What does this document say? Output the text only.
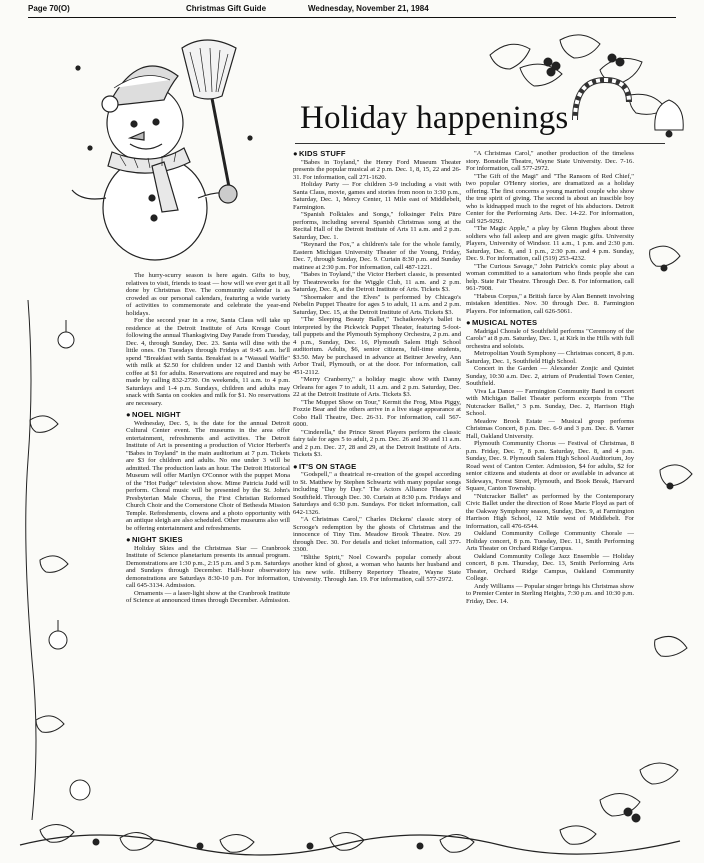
Page 70(O)	Christmas Gift Guide	Wednesday, November 21, 1984
Holiday happenings

The hurry-scurry season is here again. Gifts to buy, relatives to visit, friends to toast — how will we ever get it all done by Christmas Eve. The community calendar is as crowded as our personal calendars, featuring a wide variety of activities to commemorate and celebrate the year-end holidays.

For the second year in a row, Santa Claus will take up residence at the Detroit Institute of Arts Kresge Court following the annual Thanksgiving Day Parade from Tuesday, Dec. 4, through Sunday, Dec. 23. Santa will dine with the little ones. On Tuesdays through Fridays at 9:45 a.m. he'll spend "Breakfast with Santa. Breakfast is a "Wassail Waffle" with milk at $2.50 for children under 12 and Danish with coffee at $1 for adults. Reservations are required and may be made by calling 832-2730. On weekends, 11 a.m. to 4 p.m. Saturdays and 1-4 p.m. Sundays, children and adults may snack with Santa on cookies and milk for $1. No reservations are necessary.

●NOEL NIGHT

Wednesday, Dec. 5, is the date for the annual Detroit Cultural Center event. The museums in the area offer entertainment, refreshments and activities. The Detroit Institute of Art is presenting a production of Victor Herbert's "Babes in Toyland" in the main auditorium at 7 p.m. Tickets are $3 for children and adults. No one under 3 will be admitted. The production lasts an hour. The Detroit Historical Museum will offer Marilyn O'Connor with the puppet Mona of the "Hot Fudge" television show. Mime Patricia Judd will perform. Choral music will be presented by the St. John's Presbyterian Male Chorus, the First Christian Reformed Church Choir and the Cornerstone Choir of Bethesda Mission Temple. Refreshments, clowns and a photo opportunity with an antique sleigh are also scheduled. Other museums also will be offering entertainment and refreshments.

●NIGHT SKIES

Holiday Skies and the Christmas Star — Cranbrook Institute of Science planetarium presents its annual program. Demonstrations are 1:30 p.m., 2:15 p.m. and 3 p.m. Saturdays and Sundays through December. Half-hour observatory demonstrations are Saturdays 8:30-10 p.m. For information, call 645-3134. Admission.

Ornaments — a laser-light show at the Cranbrook Institute of Science at announced times through December. Admission.

●KIDS STUFF

"Babes in Toyland," the Henry Ford Museum Theater presents the popular musical at 2 p.m. Dec. 1, 8, 15, 22 and 26-31. For information, call 271-1620.

Holiday Party — For children 3-9 including a visit with Santa Claus, movie, games and stories from noon to 3:30 p.m., Saturday, Dec. 1, Mercy Center, 11 Mile east of Middlebelt, Farmington.

"Spanish Folktales and Songs," folksinger Felix Pitre performs, including several Spanish Christmas song at the Recital Hall of the Detroit Institute of Arts 11 a.m. and 2 p.m. Saturday, Dec. 1.

"Reynard the Fox," a children's tale for the whole family, Eastern Michigan University Theater of the Young, Friday, Dec. 7, through Sunday, Dec. 9. Curtain 8:30 p.m. and Sunday matinee at 2:30 p.m. For information, call 487-1221.

"Babes in Toyland," the Victor Herbert classic, is presented by Theatreworks for the Wiggle Club, 11 a.m. and 2 p.m. Saturday, Dec. 8, at the Detroit Institute of Arts. Tickets $3.

"Shoemaker and the Elves" is performed by Chicago's Nebelin Puppet Theatre for ages 5 to adult, 11 a.m. and 2 p.m. Saturday, Dec. 15, at the Detroit Institute of Arts. Tickets $3.

"The Sleeping Beauty Ballet," Tschaikovsky's ballet is interpreted by the Pickwick Puppet Theater, featuring 5-foot-tall puppets and the Plymouth Symphony Orchestra, 2 p.m. and 4 p.m., Sunday, Dec. 16, Plymouth Salem High School auditorium. Adults, $6, senior citizens, full-time students, $3.50. May be purchased in advance at Beitner Jewelry, Ann Arbor Trail, Plymouth, or at the door. For information, call 451-2112.

"Merry Cranberry," a holiday magic show with Danny Orleans for ages 7 to adult, 11 a.m. and 2 p.m. Saturday, Dec. 22 at the Detroit Institute of Arts. Tickets $3.

"The Muppet Show on Tour," Kermit the Frog, Miss Piggy, Fozzie Bear and the others arrive in a live stage appearance at Cobo Hall Theatre, Dec. 26-31. For information, call 567-6000.

"Cinderella," the Prince Street Players perform the classic fairy tale for ages 5 to adult, 2 p.m. Dec. 26 and 30 and 11 a.m. and 2 p.m. Dec. 27, 28 and 29, at the Detroit Institute of Arts. Tickets $3.

●IT'S ON STAGE

"Godspell," a theatrical re-creation of the gospel according to St. Matthew by Stephen Schwartz with many popular songs including "Day by Day." The Actors Alliance Theater of Southfield. Through Dec. 30. Curtain at 8:30 p.m. Fridays and Saturdays and 6:30 p.m. Sundays. For ticket information, call 642-1326.

"A Christmas Carol," Charles Dickens' classic story of Scrooge's redemption by the ghosts of Christmas and the innocence of Tiny Tim. Meadow Brook Theatre. Nov. 29 through Dec. 30. For details and ticket information, call 377-3300.

"Blithe Spirit," Noel Coward's popular comedy about another kind of ghost, a woman who haunts her husband and his new wife. Hilberry Repertory Theatre, Wayne State University. Through Jan. 19. For information, call 577-2972.

"A Christmas Carol," another production of the timeless story. Bonstelle Theatre, Wayne State University. Dec. 7-16. For information, call 577-2972.

"The Gift of the Magi" and "The Ransom of Red Chief," two popular O'Henry stories, are dramatized as a holiday offering. The first concerns a young married couple who show the true spirit of giving. The second is about an irascible boy who is kidnapped much to the regret of his abductors. Detroit Center for the Performing Arts. Dec. 14-22. For information, call 925-9292.

"The Magic Apple," a play by Glenn Hughes about three soldiers who fall asleep and are given magic gifts. University Players, University of Windsor. 11 a.m., 1 p.m. and 2:30 p.m. Saturday, Dec. 8, and 1 p.m., 2:30 p.m. and 4 p.m. Sunday, Dec. 9. For information, call (519) 253-4232.

"The Curious Savage," John Patrick's comic play about a woman committed to a sanatorium who finds people she can help. State Fair Theatre. Through Dec. 8. For information, call 961-7908.

"Habeus Corpus," a British farce by Alan Bennett involving mistaken identities. Nov. 30 through Dec. 8. Farmington Players. For information, call 626-5061.

●MUSICAL NOTES

Madrigal Chorale of Southfield performs "Ceremony of the Carols" at 8 p.m. Saturday, Dec. 1, at Kirk in the Hills with full orchestra and soloists.

Metropolitan Youth Symphony — Christmas concert, 8 p.m. Saturday, Dec. 1, Southfield High School.

Concert in the Garden — Alexander Zonjic and Quintet Sunday, 10:30 a.m. Dec. 2, atrium of Prudential Town Center, Southfield.

Viva La Dance — Farmington Community Band in concert with Michigan Ballet Theater perform excerpts from "The Nutcracker Ballet," 3 p.m. Sunday, Dec. 2, Harrison High School.

Meadow Brook Estate — Musical group performs Christmas Concert, 8 p.m. Dec. 6-9 and 3 p.m. Dec. 8. Varner Hall, Oakland University.

Plymouth Community Chorus — Festival of Christmas, 8 p.m. Friday, Dec. 7, 8 p.m. Saturday, Dec. 8, and 4 p.m. Sunday, Dec. 9. Plymouth Salem High School Auditorium, Joy Road west of Canton Center. Admission, $4 for adults, $2 for senior citizens and students at door or available in advance at Sideways, Forest Street, Plymouth, and Book Break, Harvard Square, Canton Township.

"Nutcracker Ballet" as performed by the Contemporary Civic Ballet under the direction of Rose Marie Floyd as part of the Oakway Symphony season, Sunday, Dec. 9, at Farmington Harrison High School, 12 Mile west of Middlebelt. For information, call 476-6544.

Oakland Community College Community Chorale — Holiday concert, 8 p.m. Tuesday, Dec. 11, Smith Performing Arts Theater on Orchard Ridge Campus.

Oakland Community College Jazz Ensemble — Holiday concert, 8 p.m. Thursday, Dec. 13, Smith Performing Arts Theater, Orchard Ridge Campus, Oakland Community College.

Andy Williams — Popular singer brings his Christmas show to Premier Center in Sterling Heights, 7:30 p.m. and 10:30 p.m. Friday, Dec. 14.
